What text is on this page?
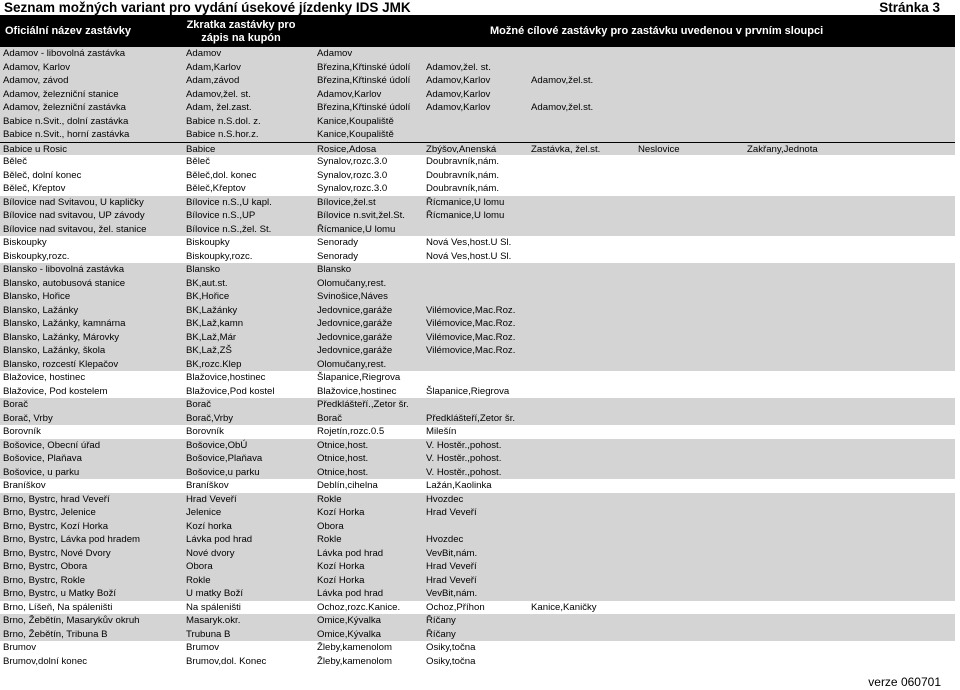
Seznam možných variant pro vydání úsekové jízdenky IDS JMK	Stránka 3
Oficiální název zastávky	Zkratka zastávky pro zápis na kupón
Možné cílové zastávky pro zastávku uvedenou v prvním sloupci
Adamov - libovolná zastávka	Adamov	Adamov
Adamov, Karlov	Adam,Karlov	Březina,Křtinské údolí	Adamov,žel. st.
Adamov, závod	Adam,závod	Březina,Křtinské údolí	Adamov,Karlov	Adamov,žel.st.
Adamov, železniční stanice	Adamov,žel. st.	Adamov,Karlov	Adamov,Karlov
Adamov, železniční zastávka	Adam, žel.zast.	Březina,Křtinské údolí	Adamov,Karlov	Adamov,žel.st.
Babice n.Svit., dolní zastávka	Babice n.S.dol. z.	Kanice,Koupaliště
Babice n.Svit., horní zastávka	Babice n.S.hor.z.	Kanice,Koupaliště
Babice u Rosic	Babice	Rosice,Adosa	Zbýšov,Anenská	Zastávka, žel.st.	Neslovice	Zakřany,Jednota
Běleč	Běleč	Synalov,rozc.3.0	Doubravník,nám.
Běleč, dolní konec	Běleč,dol. konec	Synalov,rozc.3.0	Doubravník,nám.
Běleč, Křeptov	Běleč,Křeptov	Synalov,rozc.3.0	Doubravník,nám.
Bílovice nad Svitavou, U kapličky	Bílovice n.S.,U kapl.	Bílovice,žel.st	Řícmanice,U lomu
Bílovice nad svitavou, UP závody	Bílovice n.S.,UP	Bílovice n.svit,žel.St.	Řícmanice,U lomu
Bílovice nad svitavou, žel. stanice	Bílovice n.S.,žel. St.	Řícmanice,U lomu
Biskoupky	Biskoupky	Senorady	Nová Ves,host.U Sl.
Biskoupky,rozc.	Biskoupky,rozc.	Senorady	Nová Ves,host.U Sl.
Blansko - libovolná zastávka	Blansko	Blansko
Blansko, autobusová stanice	BK,aut.st.	Olomučany,rest.
Blansko, Hořice	BK,Hořice	Svinošice,Náves
Blansko, Lažánky	BK,Lažánky	Jedovnice,garáže	Vilémovice,Mac.Roz.
Blansko, Lažánky, kamnárna	BK,Laž,kamn	Jedovnice,garáže	Vilémovice,Mac.Roz.
Blansko, Lažánky, Márovky	BK,Laž,Már	Jedovnice,garáže	Vilémovice,Mac.Roz.
Blansko, Lažánky, škola	BK,Laž,ZŠ	Jedovnice,garáže	Vilémovice,Mac.Roz.
Blansko, rozcestí Klepačov	BK,rozc.Klep	Olomučany,rest.
Blažovice, hostinec	Blažovice,hostinec	Šlapanice,Riegrova
Blažovice, Pod kostelem	Blažovice,Pod kostel	Blažovice,hostinec	Šlapanice,Riegrova
Borač	Borač	Předklášteří.,Zetor šr.
Borač, Vrby	Borač,Vrby	Borač	Předklášteří,Zetor šr.
Borovník	Borovník	Rojetín,rozc.0.5	Milešín
Bošovice, Obecní úřad	Bošovice,ObÚ	Otnice,host.	V. Hostěr.,pohost.
Bošovice, Plaňava	Bošovice,Plaňava	Otnice,host.	V. Hostěr.,pohost.
Bošovice, u parku	Bošovice,u parku	Otnice,host.	V. Hostěr.,pohost.
Braníškov	Braníškov	Deblín,cihelna	Lažán,Kaolinka
Brno, Bystrc, hrad Veveří	Hrad Veveří	Rokle	Hvozdec
Brno, Bystrc, Jelenice	Jelenice	Kozí Horka	Hrad Veveří
Brno, Bystrc, Kozí Horka	Kozí horka	Obora
Brno, Bystrc, Lávka pod hradem	Lávka pod hrad	Rokle	Hvozdec
Brno, Bystrc, Nové Dvory	Nové dvory	Lávka pod hrad	VevBit,nám.
Brno, Bystrc, Obora	Obora	Kozí Horka	Hrad Veveří
Brno, Bystrc, Rokle	Rokle	Kozí Horka	Hrad Veveří
Brno, Bystrc, u Matky Boží	U matky Boží	Lávka pod hrad	VevBit,nám.
Brno, Líšeň, Na spáleništi	Na spáleništi	Ochoz,rozc.Kanice.	Ochoz,Příhon	Kanice,Kaničky
Brno, Žebětín, Masarykův okruh	Masaryk.okr.	Omice,Kývalka	Říčany
Brno, Žebětín, Tribuna B	Trubuna B	Omice,Kývalka	Říčany
Brumov	Brumov	Žleby,kamenolom	Osiky,točna
Brumov,dolní konec	Brumov,dol. Konec	Žleby,kamenolom	Osiky,točna
verze 060701
